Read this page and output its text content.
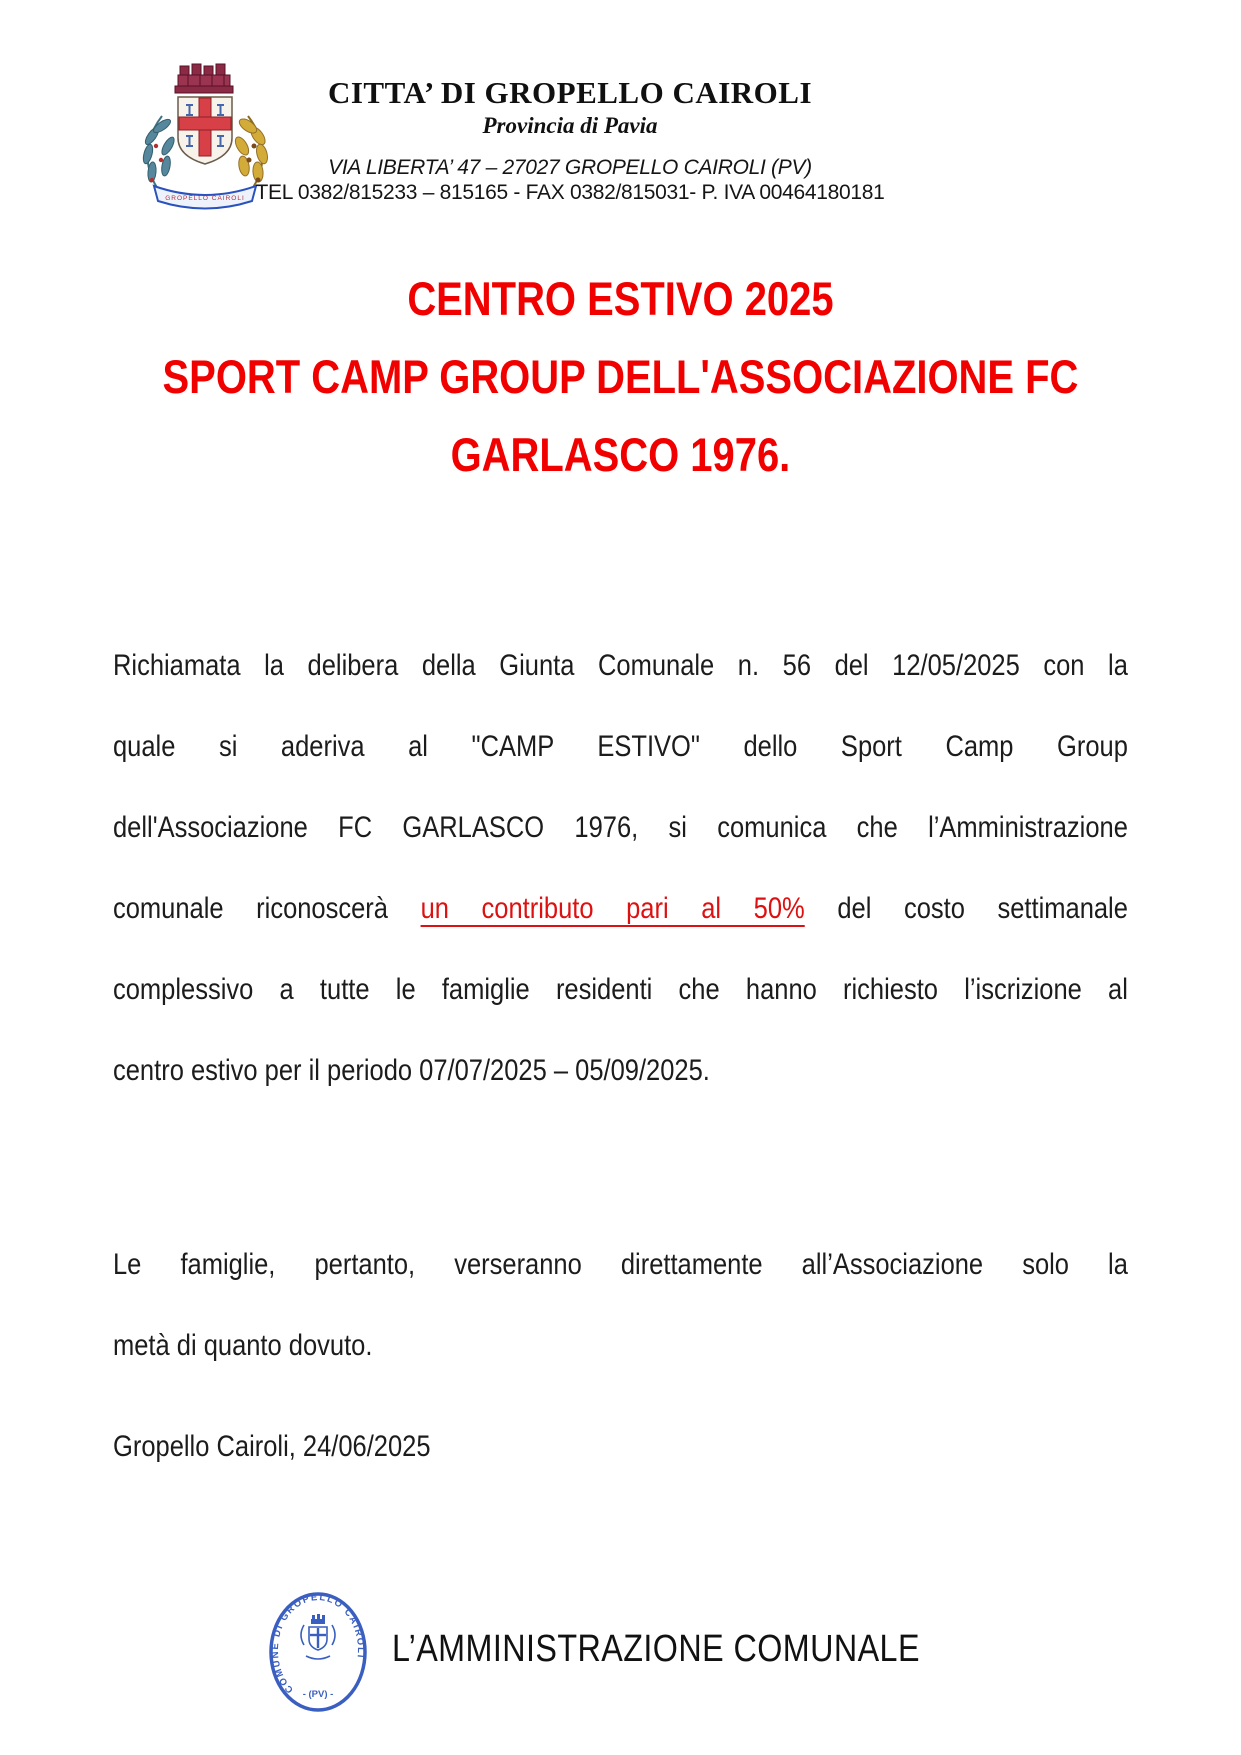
GROPELLO CAIROLI
CITTA’ DI GROPELLO CAIROLI
Provincia di Pavia
VIA LIBERTA’ 47 – 27027 GROPELLO CAIROLI (PV)
TEL 0382/815233 – 815165 - FAX 0382/815031- P. IVA 00464180181
CENTRO ESTIVO 2025
SPORT CAMP GROUP DELL'ASSOCIAZIONE FC
GARLASCO 1976.
Richiamata la delibera della Giunta Comunale n. 56 del 12/05/2025 con la
quale si aderiva al "CAMP ESTIVO" dello Sport Camp Group
dell'Associazione FC GARLASCO 1976, si comunica che l’Amministrazione
comunale riconoscerà un contributo pari al 50% del costo settimanale
complessivo a tutte le famiglie residenti che hanno richiesto l’iscrizione al
centro estivo per il periodo 07/07/2025 – 05/09/2025.
Le famiglie, pertanto, verseranno direttamente all’Associazione solo la
metà di quanto dovuto.
Gropello Cairoli, 24/06/2025
COMUNE DI GROPELLO CAIROLI
- (PV) -
L’AMMINISTRAZIONE COMUNALE
